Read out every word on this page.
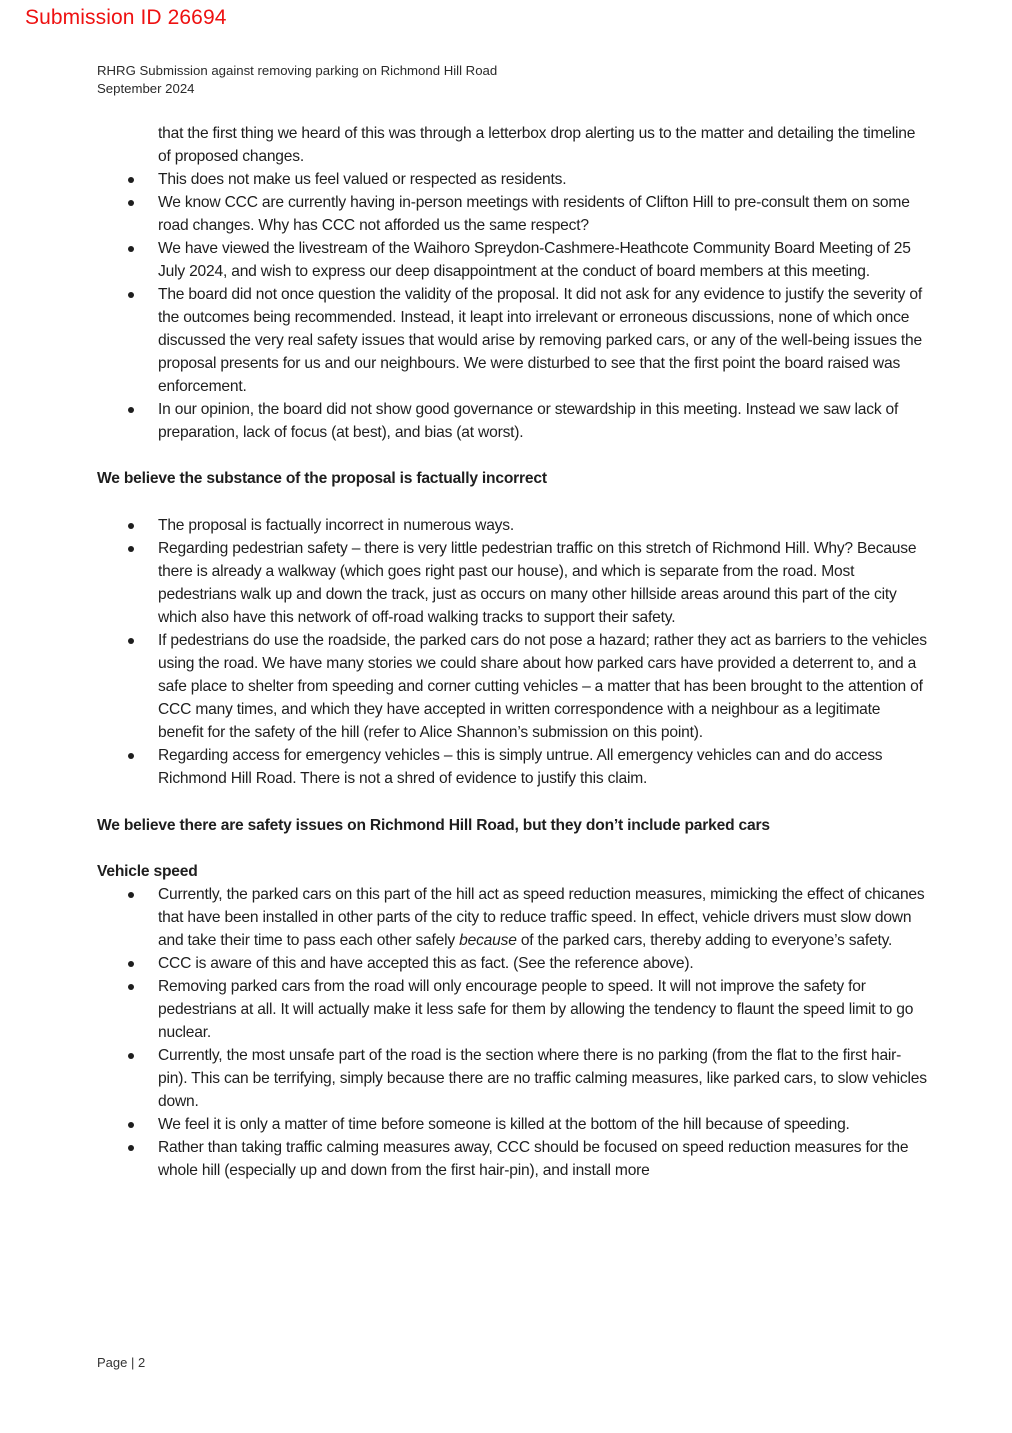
Submission ID 26694
RHRG Submission against removing parking on Richmond Hill Road
September 2024
that the first thing we heard of this was through a letterbox drop alerting us to the matter and detailing the timeline of proposed changes.
This does not make us feel valued or respected as residents.
We know CCC are currently having in-person meetings with residents of Clifton Hill to pre-consult them on some road changes. Why has CCC not afforded us the same respect?
We have viewed the livestream of the Waihoro Spreydon-Cashmere-Heathcote Community Board Meeting of 25 July 2024, and wish to express our deep disappointment at the conduct of board members at this meeting.
The board did not once question the validity of the proposal. It did not ask for any evidence to justify the severity of the outcomes being recommended. Instead, it leapt into irrelevant or erroneous discussions, none of which once discussed the very real safety issues that would arise by removing parked cars, or any of the well-being issues the proposal presents for us and our neighbours. We were disturbed to see that the first point the board raised was enforcement.
In our opinion, the board did not show good governance or stewardship in this meeting. Instead we saw lack of preparation, lack of focus (at best), and bias (at worst).

We believe the substance of the proposal is factually incorrect

The proposal is factually incorrect in numerous ways.
Regarding pedestrian safety – there is very little pedestrian traffic on this stretch of Richmond Hill. Why? Because there is already a walkway (which goes right past our house), and which is separate from the road. Most pedestrians walk up and down the track, just as occurs on many other hillside areas around this part of the city which also have this network of off-road walking tracks to support their safety.
If pedestrians do use the roadside, the parked cars do not pose a hazard; rather they act as barriers to the vehicles using the road. We have many stories we could share about how parked cars have provided a deterrent to, and a safe place to shelter from speeding and corner cutting vehicles – a matter that has been brought to the attention of CCC many times, and which they have accepted in written correspondence with a neighbour as a legitimate benefit for the safety of the hill (refer to Alice Shannon’s submission on this point).
Regarding access for emergency vehicles – this is simply untrue. All emergency vehicles can and do access Richmond Hill Road. There is not a shred of evidence to justify this claim.

We believe there are safety issues on Richmond Hill Road, but they don’t include parked cars

Vehicle speed

Currently, the parked cars on this part of the hill act as speed reduction measures, mimicking the effect of chicanes that have been installed in other parts of the city to reduce traffic speed. In effect, vehicle drivers must slow down and take their time to pass each other safely because of the parked cars, thereby adding to everyone’s safety.
CCC is aware of this and have accepted this as fact. (See the reference above).
Removing parked cars from the road will only encourage people to speed. It will not improve the safety for pedestrians at all. It will actually make it less safe for them by allowing the tendency to flaunt the speed limit to go nuclear.
Currently, the most unsafe part of the road is the section where there is no parking (from the flat to the first hair-pin). This can be terrifying, simply because there are no traffic calming measures, like parked cars, to slow vehicles down.
We feel it is only a matter of time before someone is killed at the bottom of the hill because of speeding.
Rather than taking traffic calming measures away, CCC should be focused on speed reduction measures for the whole hill (especially up and down from the first hair-pin), and install more
Page | 2
